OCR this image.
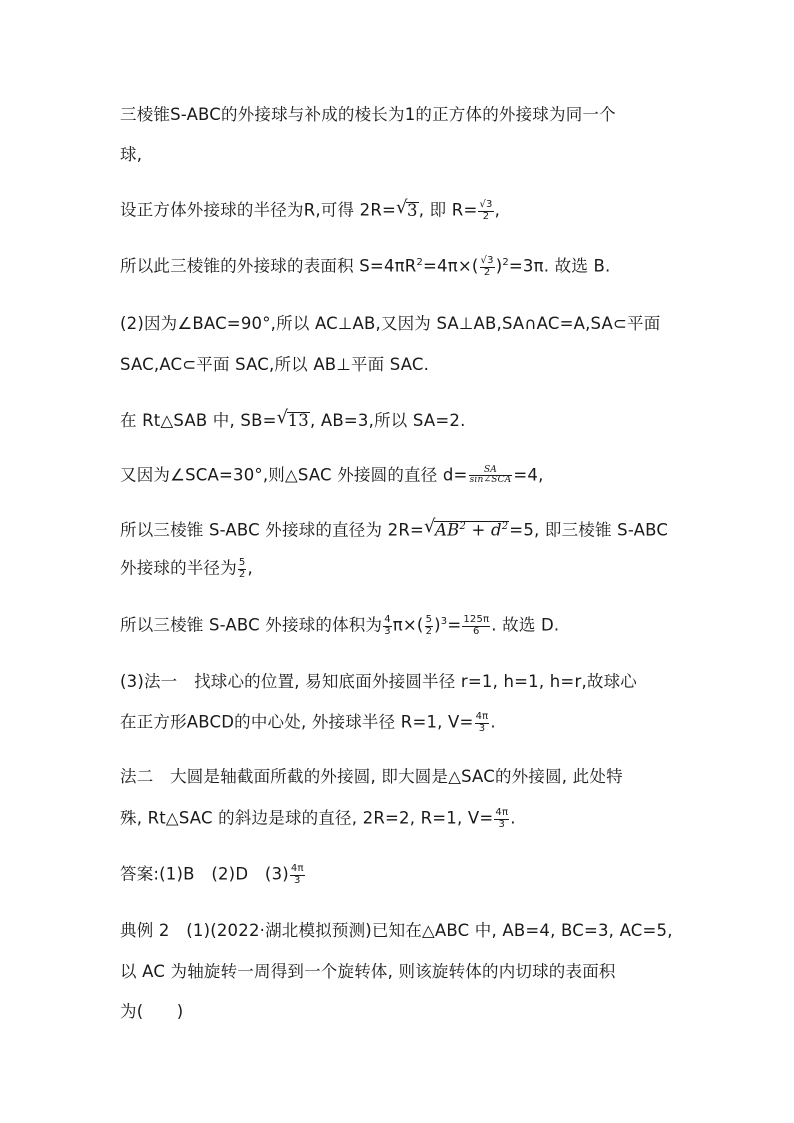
三棱锥S-ABC的外接球与补成的棱长为1的正方体的外接球为同一个
球,
设正方体外接球的半径为R,可得 2R= √ 3, 即 $R= \frac{√3}{2}$ ,
所以此三棱锥的外接球的表面积 $S=4\pi R^2=4\pi\times( \frac{√3}{2} )^2=3\pi$. 故选 B.
(2)因为∠BAC=90°,所以 AC⊥AB,又因为 SA⊥AB,SA∩AC=A,SA⊂平面
SAC,AC⊂平面 SAC,所以 AB⊥平面 SAC.
在 Rt△SAB 中, SB= √ 13, AB=3,所以 SA=2.
又因为∠SCA=30°,则△SAC 外接圆的直径 $d= \frac{SA}{\text{sin∠SCA}} =4$,
所以三棱锥 S-ABC 外接球的直径为 2R= √ $AB^2 + d^2=5$, 即三棱锥 S-ABC
外接球的半径为 $\frac{5}{2}$ ,
所以三棱锥 S-ABC 外接球的体积为 $\frac{4}{3} \pi\times( \frac{5}{2} )^3= \frac{125\pi}{6}$ . 故选 D.
(3)法一　找球心的位置, 易知底面外接圆半径 r=1, h=1, h=r,故球心
在正方形ABCD的中心处, 外接球半径 R=1, $V= \frac{4\pi}{3}$ .
法二　大圆是轴截面所截的外接圆, 即大圆是△SAC的外接圆, 此处特
殊, Rt△SAC 的斜边是球的直径, 2R=2, R=1, $V= \frac{4\pi}{3}$ .
答案:(1)B　(2)D　$(3) \frac{4\pi}{3}$
典例 2　(1)(2022·湖北模拟预测)已知在△ABC 中, AB=4, BC=3, AC=5,
以 AC 为轴旋转一周得到一个旋转体, 则该旋转体的内切球的表面积
为(　　)
